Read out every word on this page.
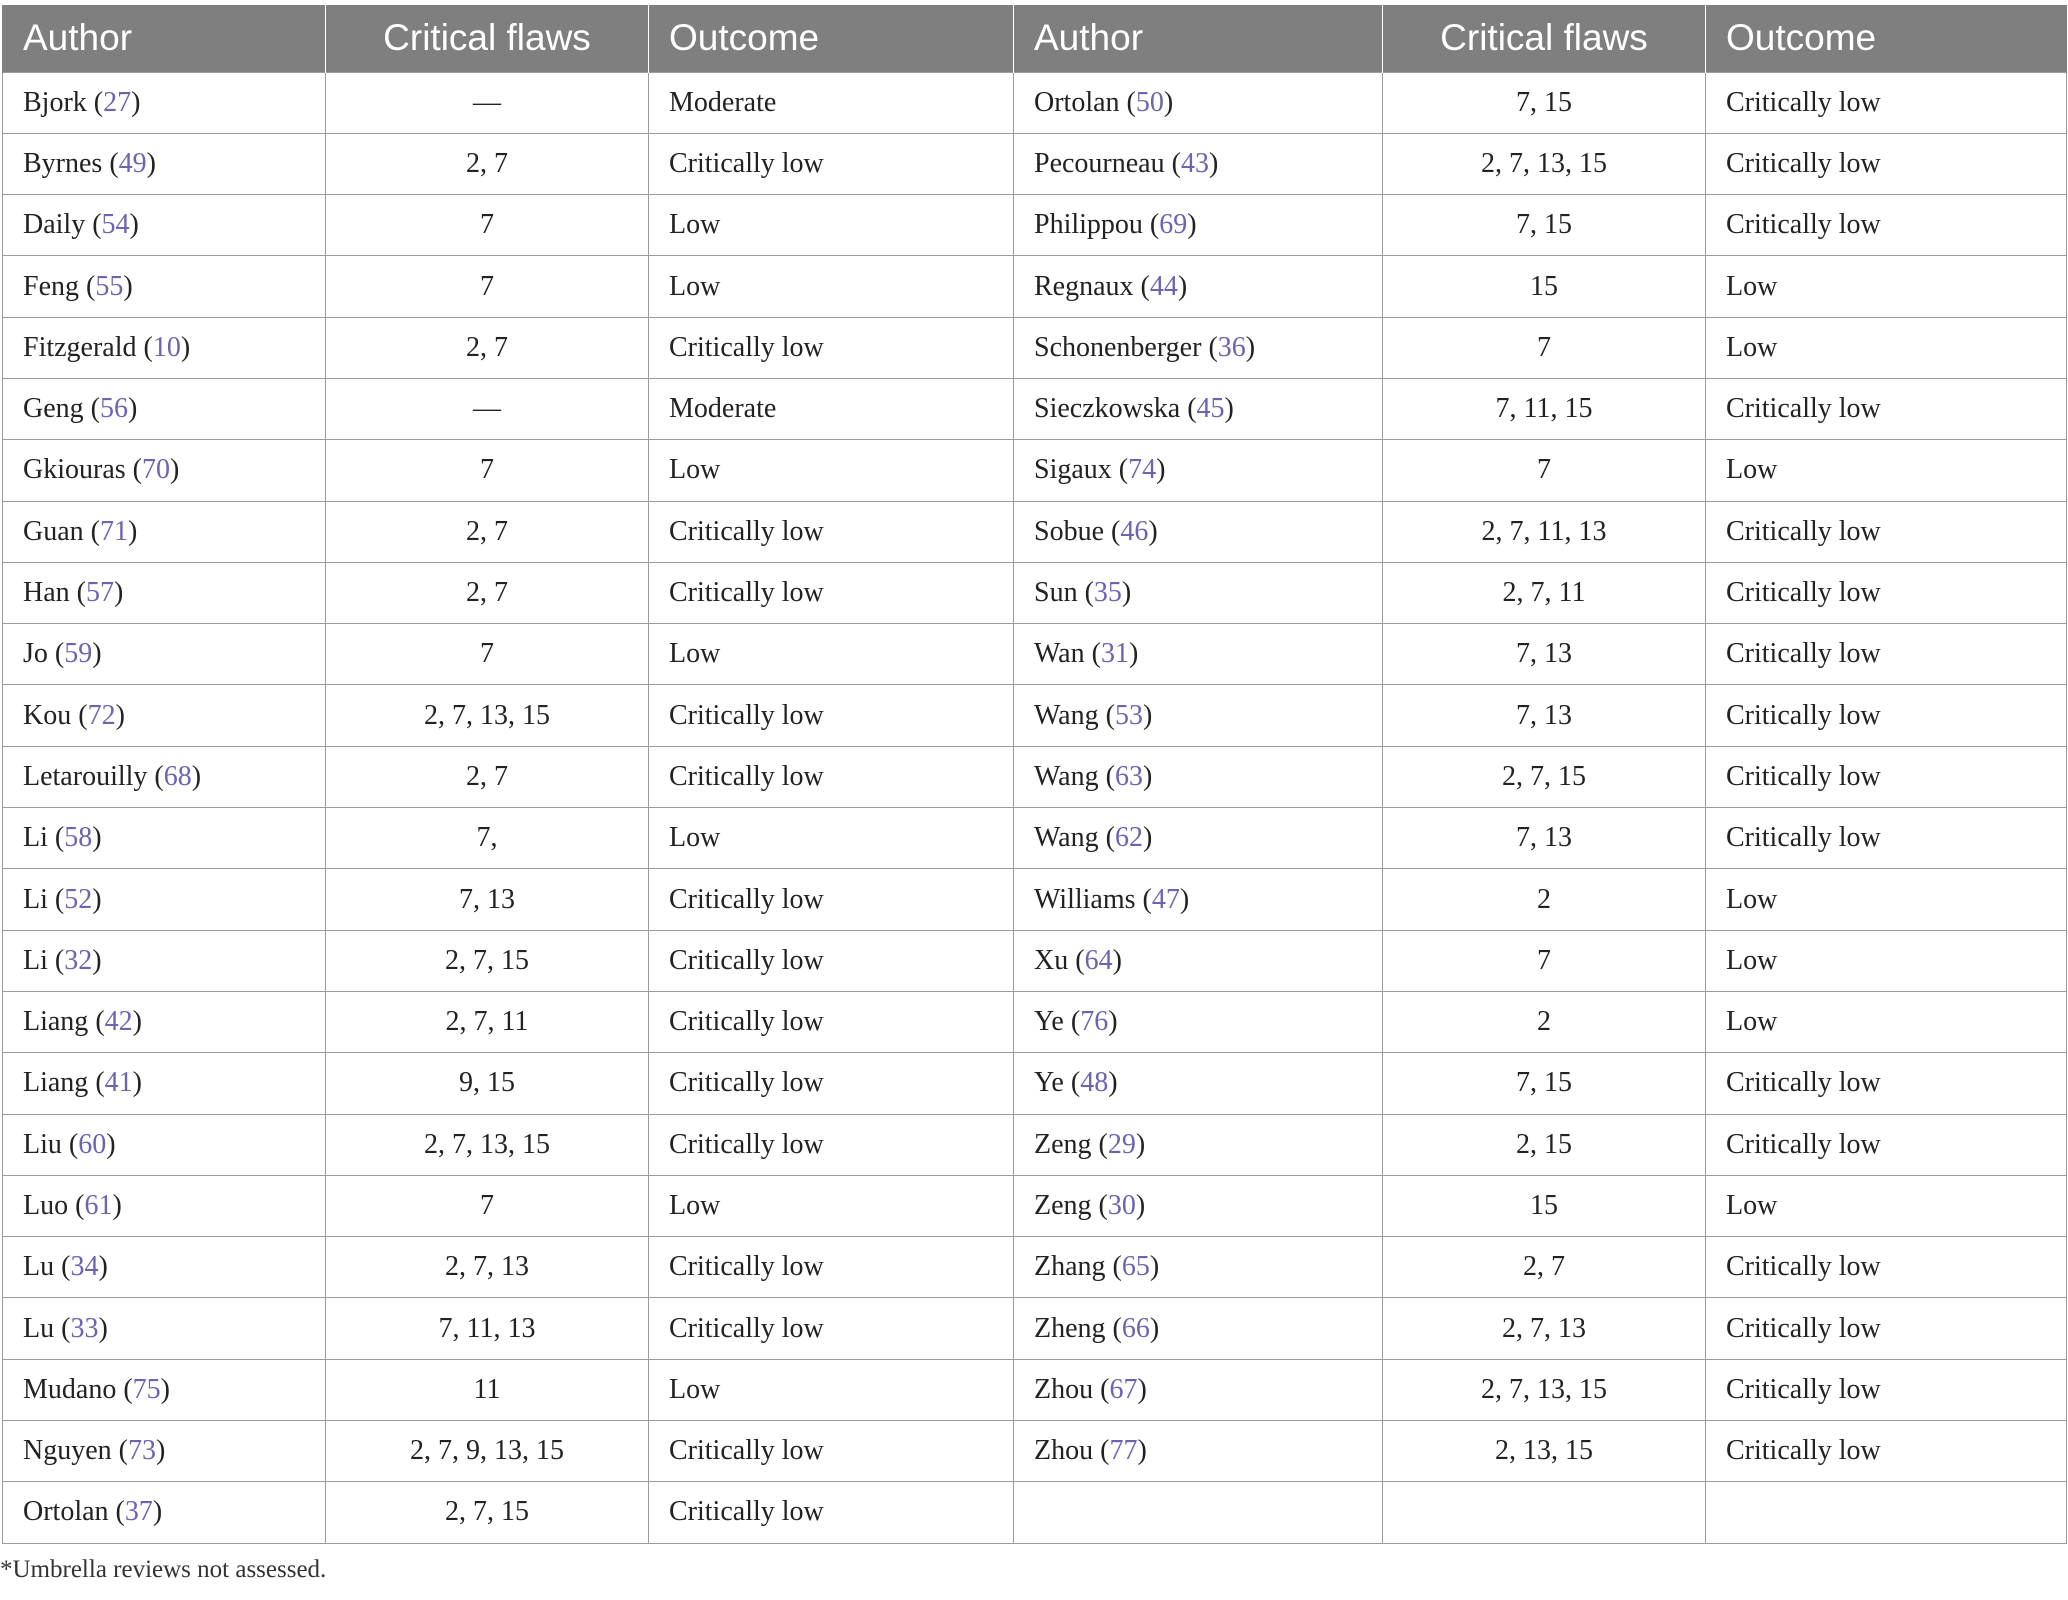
Author	Critical flaws	Outcome	Author	Critical flaws	Outcome
Bjork (27)	—	Moderate	Ortolan (50)	7, 15	Critically low
Byrnes (49)	2, 7	Critically low	Pecourneau (43)	2, 7, 13, 15	Critically low
Daily (54)	7	Low	Philippou (69)	7, 15	Critically low
Feng (55)	7	Low	Regnaux (44)	15	Low
Fitzgerald (10)	2, 7	Critically low	Schonenberger (36)	7	Low
Geng (56)	—	Moderate	Sieczkowska (45)	7, 11, 15	Critically low
Gkiouras (70)	7	Low	Sigaux (74)	7	Low
Guan (71)	2, 7	Critically low	Sobue (46)	2, 7, 11, 13	Critically low
Han (57)	2, 7	Critically low	Sun (35)	2, 7, 11	Critically low
Jo (59)	7	Low	Wan (31)	7, 13	Critically low
Kou (72)	2, 7, 13, 15	Critically low	Wang (53)	7, 13	Critically low
Letarouilly (68)	2, 7	Critically low	Wang (63)	2, 7, 15	Critically low
Li (58)	7,	Low	Wang (62)	7, 13	Critically low
Li (52)	7, 13	Critically low	Williams (47)	2	Low
Li (32)	2, 7, 15	Critically low	Xu (64)	7	Low
Liang (42)	2, 7, 11	Critically low	Ye (76)	2	Low
Liang (41)	9, 15	Critically low	Ye (48)	7, 15	Critically low
Liu (60)	2, 7, 13, 15	Critically low	Zeng (29)	2, 15	Critically low
Luo (61)	7	Low	Zeng (30)	15	Low
Lu (34)	2, 7, 13	Critically low	Zhang (65)	2, 7	Critically low
Lu (33)	7, 11, 13	Critically low	Zheng (66)	2, 7, 13	Critically low
Mudano (75)	11	Low	Zhou (67)	2, 7, 13, 15	Critically low
Nguyen (73)	2, 7, 9, 13, 15	Critically low	Zhou (77)	2, 13, 15	Critically low
Ortolan (37)	2, 7, 15	Critically low			
*Umbrella reviews not assessed.
